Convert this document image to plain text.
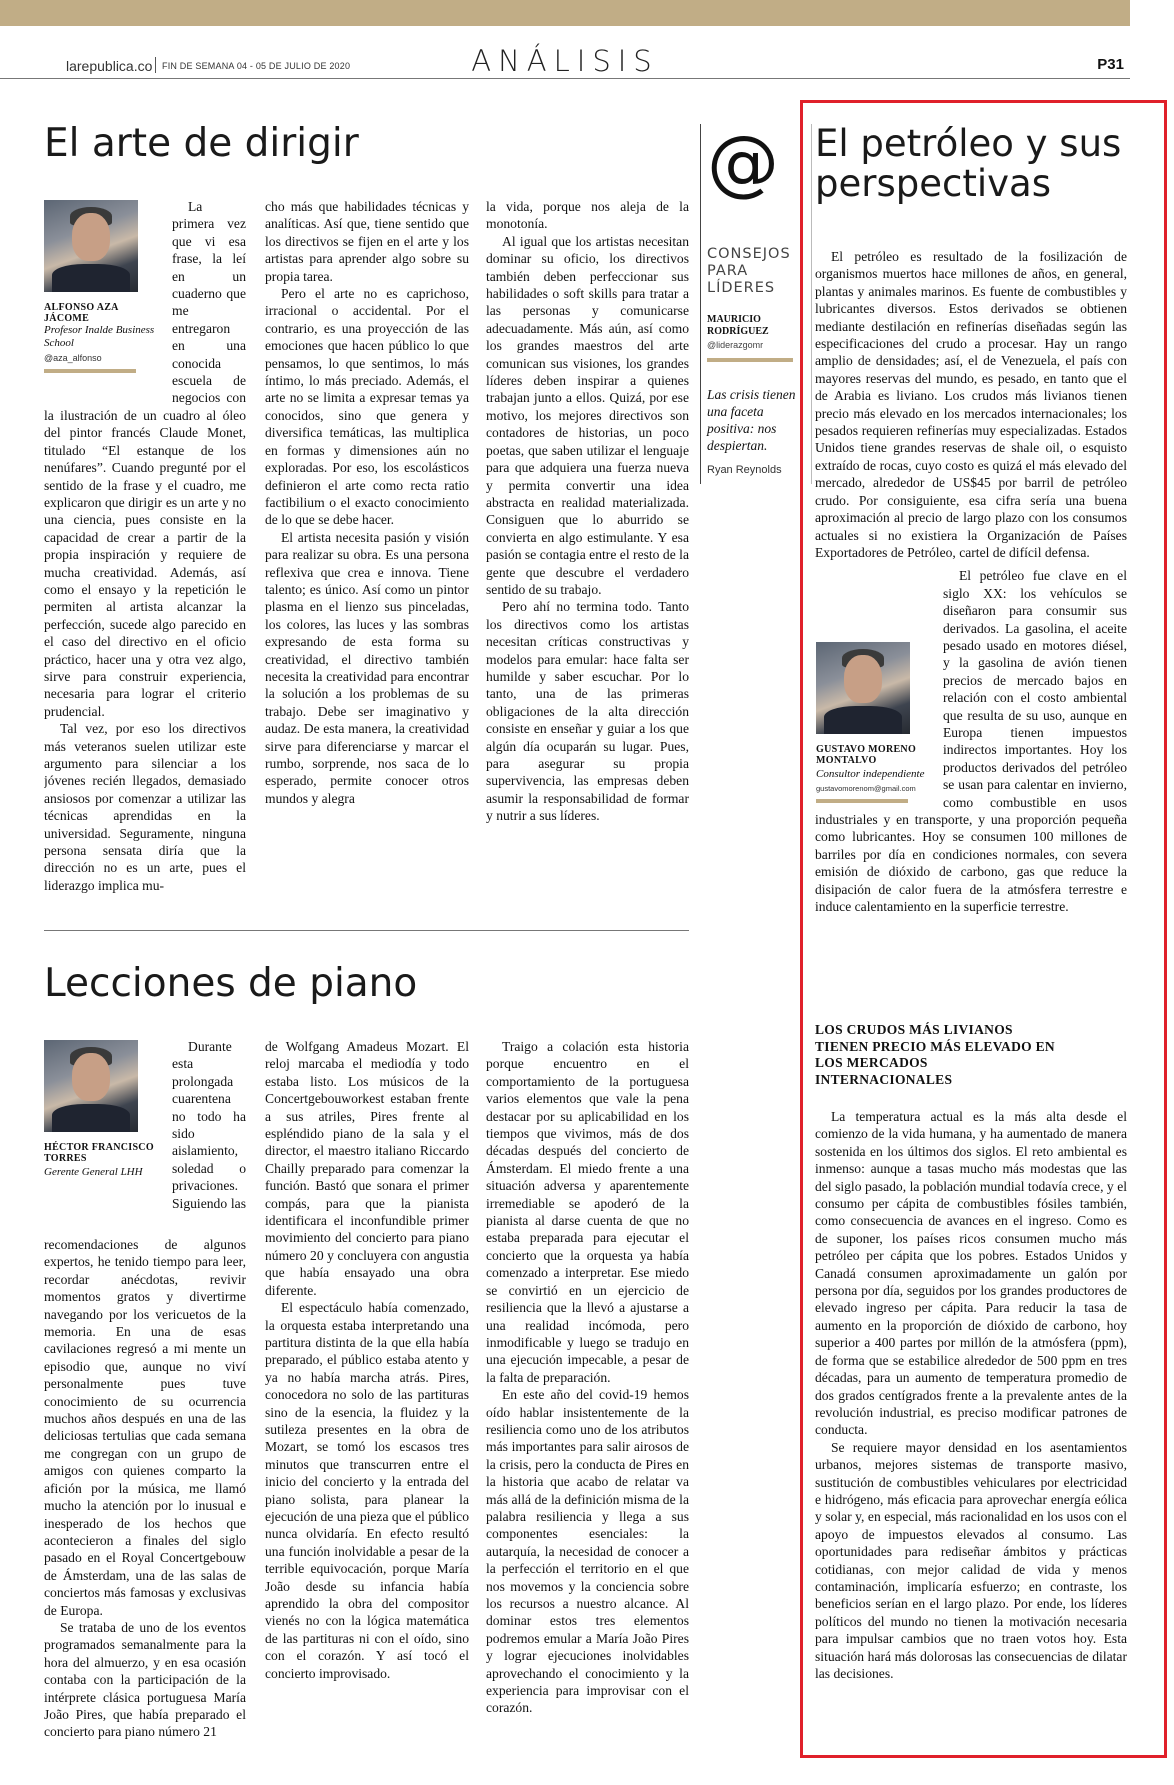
larepublica.co FIN DE SEMANA 04 - 05 DE JULIO DE 2020	ANÁLISIS	P31
El arte de dirigir
ALFONSO AZA JÁCOME
Profesor Inalde Business School
@aza_alfonso

La primera vez que vi esa frase, la leí en un cuaderno que me entregaron en una conocida escuela de negocios con la ilustración de un cuadro al óleo del pintor francés Claude Monet, titulado “El estanque de los nenúfares”. Cuando pregunté por el sentido de la frase y el cuadro, me explicaron que dirigir es un arte y no una ciencia, pues consiste en la capacidad de crear a partir de la propia inspiración y requiere de mucha creatividad. Además, así como el ensayo y la repetición le permiten al artista alcanzar la perfección, sucede algo parecido en el caso del directivo en el oficio práctico, hacer una y otra vez algo, sirve para construir experiencia, necesaria para lograr el criterio prudencial.

Tal vez, por eso los directivos más veteranos suelen utilizar este argumento para silenciar a los jóvenes recién llegados, demasiado ansiosos por comenzar a utilizar las técnicas aprendidas en la universidad. Seguramente, ninguna persona sensata diría que la dirección no es un arte, pues el liderazgo implica mu-

cho más que habilidades técnicas y analíticas. Así que, tiene sentido que los directivos se fijen en el arte y los artistas para aprender algo sobre su propia tarea.

Pero el arte no es caprichoso, irracional o accidental. Por el contrario, es una proyección de las emociones que hacen público lo que pensamos, lo que sentimos, lo más íntimo, lo más preciado. Además, el arte no se limita a expresar temas ya conocidos, sino que genera y diversifica temáticas, las multiplica en formas y dimensiones aún no exploradas. Por eso, los escolásticos definieron el arte como recta ratio factibilium o el exacto conocimiento de lo que se debe hacer.

El artista necesita pasión y visión para realizar su obra. Es una persona reflexiva que crea e innova. Tiene talento; es único. Así como un pintor plasma en el lienzo sus pinceladas, los colores, las luces y las sombras expresando de esta forma su creatividad, el directivo también necesita la creatividad para encontrar la solución a los problemas de su trabajo. Debe ser imaginativo y audaz. De esta manera, la creatividad sirve para diferenciarse y marcar el rumbo, sorprende, nos saca de lo esperado, permite conocer otros mundos y alegra

la vida, porque nos aleja de la monotonía.

Al igual que los artistas necesitan dominar su oficio, los directivos también deben perfeccionar sus habilidades o soft skills para tratar a las personas y comunicarse adecuadamente. Más aún, así como los grandes maestros del arte comunican sus visiones, los grandes líderes deben inspirar a quienes trabajan junto a ellos. Quizá, por ese motivo, los mejores directivos son contadores de historias, un poco poetas, que saben utilizar el lenguaje para que adquiera una fuerza nueva y permita convertir una idea abstracta en realidad materializada. Consiguen que lo aburrido se convierta en algo estimulante. Y esa pasión se contagia entre el resto de la gente que descubre el verdadero sentido de su trabajo.

Pero ahí no termina todo. Tanto los directivos como los artistas necesitan críticas constructivas y modelos para emular: hace falta ser humilde y saber escuchar. Por lo tanto, una de las primeras obligaciones de la alta dirección consiste en enseñar y guiar a los que algún día ocuparán su lugar. Pues, para asegurar su propia supervivencia, las empresas deben asumir la responsabilidad de formar y nutrir a sus líderes.

Lecciones de piano
HÉCTOR FRANCISCO TORRES
Gerente General LHH

Durante esta prolongada cuarentena no todo ha sido aislamiento, soledad o privaciones. Siguiendo las recomendaciones de algunos expertos, he tenido tiempo para leer, recordar anécdotas, revivir momentos gratos y divertirme navegando por los vericuetos de la memoria. En una de esas cavilaciones regresó a mi mente un episodio que, aunque no viví personalmente pues tuve conocimiento de su ocurrencia muchos años después en una de las deliciosas tertulias que cada semana me congregan con un grupo de amigos con quienes comparto la afición por la música, me llamó mucho la atención por lo inusual e inesperado de los hechos que acontecieron a finales del siglo pasado en el Royal Concertgebouw de Ámsterdam, una de las salas de conciertos más famosas y exclusivas de Europa.

Se trataba de uno de los eventos programados semanalmente para la hora del almuerzo, y en esa ocasión contaba con la participación de la intérprete clásica portuguesa María João Pires, que había preparado el concierto para piano número 21

de Wolfgang Amadeus Mozart. El reloj marcaba el mediodía y todo estaba listo. Los músicos de la Concertgebouworkest estaban frente a sus atriles, Pires frente al espléndido piano de la sala y el director, el maestro italiano Riccardo Chailly preparado para comenzar la función. Bastó que sonara el primer compás, para que la pianista identificara el inconfundible primer movimiento del concierto para piano número 20 y concluyera con angustia que había ensayado una obra diferente.

El espectáculo había comenzado, la orquesta estaba interpretando una partitura distinta de la que ella había preparado, el público estaba atento y ya no había marcha atrás. Pires, conocedora no solo de las partituras sino de la esencia, la fluidez y la sutileza presentes en la obra de Mozart, se tomó los escasos tres minutos que transcurren entre el inicio del concierto y la entrada del piano solista, para planear la ejecución de una pieza que el público nunca olvidaría. En efecto resultó una función inolvidable a pesar de la terrible equivocación, porque María João desde su infancia había aprendido la obra del compositor vienés no con la lógica matemática de las partituras ni con el oído, sino con el corazón. Y así tocó el concierto improvisado.

Traigo a colación esta historia porque encuentro en el comportamiento de la portuguesa varios elementos que vale la pena destacar por su aplicabilidad en los tiempos que vivimos, más de dos décadas después del concierto de Ámsterdam. El miedo frente a una situación adversa y aparentemente irremediable se apoderó de la pianista al darse cuenta de que no estaba preparada para ejecutar el concierto que la orquesta ya había comenzado a interpretar. Ese miedo se convirtió en un ejercicio de resiliencia que la llevó a ajustarse a una realidad incómoda, pero inmodificable y luego se tradujo en una ejecución impecable, a pesar de la falta de preparación.

En este año del covid-19 hemos oído hablar insistentemente de la resiliencia como uno de los atributos más importantes para salir airosos de la crisis, pero la conducta de Pires en la historia que acabo de relatar va más allá de la definición misma de la palabra resiliencia y llega a sus componentes esenciales: la autarquía, la necesidad de conocer a la perfección el territorio en el que nos movemos y la conciencia sobre los recursos a nuestro alcance. Al dominar estos tres elementos podremos emular a María João Pires y lograr ejecuciones inolvidables aprovechando el conocimiento y la experiencia para improvisar con el corazón.

@
CONSEJOS PARA LÍDERES
MAURICIO RODRÍGUEZ
@liderazgomr
Las crisis tienen una faceta positiva: nos despiertan.
Ryan Reynolds
El petróleo y sus perspectivas
GUSTAVO MORENO MONTALVO
Consultor independiente
gustavomorenom@gmail.com

El petróleo es resultado de la fosilización de organismos muertos hace millones de años, en general, plantas y animales marinos. Es fuente de combustibles y lubricantes diversos. Estos derivados se obtienen mediante destilación en refinerías diseñadas según las especificaciones del crudo a procesar. Hay un rango amplio de densidades; así, el de Venezuela, el país con mayores reservas del mundo, es pesado, en tanto que el de Arabia es liviano. Los crudos más livianos tienen precio más elevado en los mercados internacionales; los pesados requieren refinerías muy especializadas. Estados Unidos tiene grandes reservas de shale oil, o esquisto extraído de rocas, cuyo costo es quizá el más elevado del mercado, alrededor de US$45 por barril de petróleo crudo. Por consiguiente, esa cifra sería una buena aproximación al precio de largo plazo con los consumos actuales si no existiera la Organización de Países Exportadores de Petróleo, cartel de difícil defensa.

El petróleo fue clave en el siglo XX: los vehículos se diseñaron para consumir sus derivados. La gasolina, el aceite pesado usado en motores diésel, y la gasolina de avión tienen precios de mercado bajos en relación con el costo ambiental que resulta de su uso, aunque en Europa tienen impuestos indirectos importantes. Hoy los productos derivados del petróleo se usan para calentar en invierno, como combustible en usos industriales y en transporte, y una proporción pequeña como lubricantes. Hoy se consumen 100 millones de barriles por día en condiciones normales, con severa emisión de dióxido de carbono, gas que reduce la disipación de calor fuera de la atmósfera terrestre e induce calentamiento en la superficie terrestre.

LOS CRUDOS MÁS LIVIANOS TIENEN PRECIO MÁS ELEVADO EN LOS MERCADOS INTERNACIONALES

La temperatura actual es la más alta desde el comienzo de la vida humana, y ha aumentado de manera sostenida en los últimos dos siglos. El reto ambiental es inmenso: aunque a tasas mucho más modestas que las del siglo pasado, la población mundial todavía crece, y el consumo per cápita de combustibles fósiles también, como consecuencia de avances en el ingreso. Como es de suponer, los países ricos consumen mucho más petróleo per cápita que los pobres. Estados Unidos y Canadá consumen aproximadamente un galón por persona por día, seguidos por los grandes productores de elevado ingreso per cápita. Para reducir la tasa de aumento en la proporción de dióxido de carbono, hoy superior a 400 partes por millón de la atmósfera (ppm), de forma que se estabilice alrededor de 500 ppm en tres décadas, para un aumento de temperatura promedio de dos grados centígrados frente a la prevalente antes de la revolución industrial, es preciso modificar patrones de conducta.

Se requiere mayor densidad en los asentamientos urbanos, mejores sistemas de transporte masivo, sustitución de combustibles vehiculares por electricidad e hidrógeno, más eficacia para aprovechar energía eólica y solar y, en especial, más racionalidad en los usos con el apoyo de impuestos elevados al consumo. Las oportunidades para rediseñar ámbitos y prácticas cotidianas, con mejor calidad de vida y menos contaminación, implicaría esfuerzo; en contraste, los beneficios serían en el largo plazo. Por ende, los líderes políticos del mundo no tienen la motivación necesaria para impulsar cambios que no traen votos hoy. Esta situación hará más dolorosas las consecuencias de dilatar las decisiones.
